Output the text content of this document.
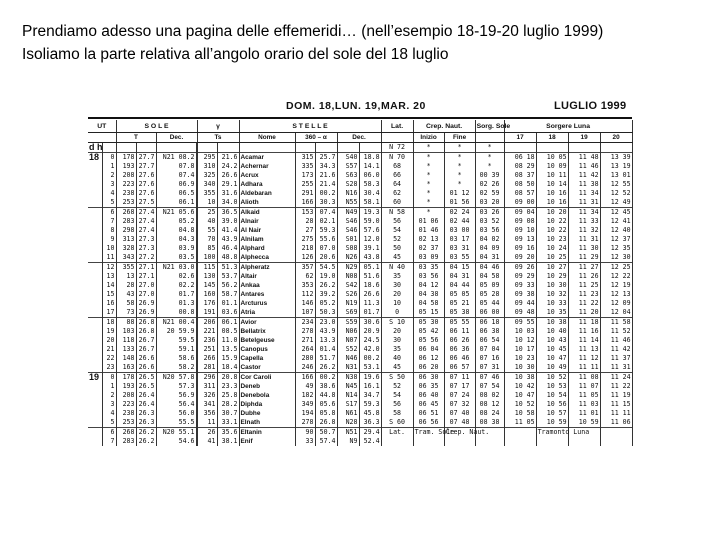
Prendiamo adesso una pagina delle effemeridi… (nell’esempio 18-19-20 luglio 1999)
Isoliamo la parte relativa all’angolo orario del sole del 18 luglio
DOM. 18,LUN. 19,MAR. 20	LUGLIO 1999
UT		S O L E			γ		S T E L L E					Lat.	Crep. Naut.		Sorg. Sole	Sorgere Luna			
		T		Dec.	Ts		Nome	360 – α		Dec.			Inizio	Fine		17	18	19	20
d h													N 72	*	*	*				
18	0	178	27.7	N21 08.2		295	21.6	Acamar	315	25.7	S40	18.8	N 70	*	*	*	06 18	10 05	11 48	13 39
	1	193	27.7	07.8		310	24.2	Achernar	335	34.3	S57	14.1	68	*	*	*	08 29	10 09	11 46	13 19
	2	208	27.6	07.4		325	26.6	Acrux	173	21.6	S63	06.0	66	*	*	00 39	08 37	10 11	11 42	13 01
	3	223	27.6	06.9		340	29.1	Adhara	255	21.4	S28	58.3	64	*	*	02 26	08 50	10 14	11 38	12 55
	4	238	27.6	06.5		355	31.6	Aldebaran	291	00.2	N16	30.4	62	*	01 12	02 59	08 57	10 16	11 34	12 52
	5	253	27.5	06.1		10	34.0	Alioth	166	30.3	N55	58.1	60	*	01 56	03 20	09 00	10 16	11 31	12 49
	6	268	27.4	N21 05.6		25	36.5	Alkaid	153	07.4	N49	19.3	N 58	*	02 24	03 26	09 04	10 20	11 34	12 45
	7	283	27.4	05.2		40	39.0	Alnair	28	02.1	S46	59.0	56	01 06	02 44	03 52	09 08	10 22	11 33	12 41
	8	298	27.4	04.8		55	41.4	Al Nair	27	59.3	S46	57.6	54	01 46	03 00	03 56	09 10	10 22	11 32	12 40
	9	313	27.3	04.3		70	43.9	Alnilam	275	55.6	S01	12.0	52	02 13	03 17	04 02	09 13	10 23	11 31	12 37
	10	328	27.3	03.9		85	46.4	Alphard	218	07.0	S08	39.1	50	02 37	03 31	04 09	09 16	10 24	11 30	12 35
	11	343	27.2	03.5		100	48.8	Alphecca	126	20.6	N26	43.8	45	03 09	03 55	04 31	09 20	10 25	11 29	12 30
	12	355	27.1	N21 03.0		115	51.3	Alpheratz	357	54.5	N29	05.1	N 40	03 35	04 15	04 46	09 26	10 27	11 27	12 25
	13	13	27.1	02.6		130	53.7	Altair	62	19.0	N08	51.6	35	03 56	04 31	04 58	09 29	10 29	11 26	12 22
	14	28	27.0	02.2		145	56.2	Ankaa	353	26.2	S42	18.6	30	04 12	04 44	05 09	09 33	10 30	11 25	12 19
	15	43	27.0	01.7		160	58.7	Antares	112	39.2	S26	26.6	20	04 38	05 05	05 28	09 38	10 32	11 23	12 13
	16	58	26.9	01.3		176	01.1	Arcturus	146	05.2	N19	11.3	10	04 58	05 21	05 44	09 44	10 33	11 22	12 09
	17	73	26.9	00.8		191	03.6	Atria	107	50.3	S69	01.7	0	05 15	05 38	06 00	09 48	10 35	11 20	12 04
	18	88	26.8	N21 00.4		206	06.1	Avior	234	23.0	S59	30.6	S 10	05 30	05 55	06 18	09 55	10 38	11 18	11 58
	19	103	26.8	20 59.9		221	08.5	Bellatrix	278	43.9	N06	20.9	20	05 42	06 11	06 38	10 03	10 40	11 16	11 52
	20	118	26.7	59.5		236	11.0	Betelgeuse	271	13.3	N07	24.5	30	05 56	06 26	06 54	10 12	10 43	11 14	11 46
	21	133	26.7	59.1		251	13.5	Canopus	264	01.4	S52	42.0	35	06 04	06 36	07 04	10 17	10 45	11 13	11 42
	22	148	26.6	58.6		266	15.9	Capella	280	51.7	N46	00.2	40	06 12	06 46	07 16	10 23	10 47	11 12	11 37
	23	163	26.6	58.2		281	18.4	Castor	246	26.2	N31	53.1	45	06 20	06 57	07 31	10 30	10 49	11 11	11 31
19	0	178	26.5	N20 57.8		296	20.8	Cor Caroli	166	00.2	N38	19.6	S 50	06 30	07 11	07 46	10 38	10 52	11 08	11 24
	1	193	26.5	57.3		311	23.3	Deneb	49	38.6	N45	16.1	52	06 35	07 17	07 54	10 42	10 53	11 07	11 22
	2	208	26.4	56.9		326	25.8	Denebola	182	44.8	N14	34.7	54	06 40	07 24	08 02	10 47	10 54	11 05	11 19
	3	223	26.4	56.4		341	28.2	Diphda	349	05.6	S17	59.3	56	06 45	07 32	08 12	10 52	10 56	11 03	11 15
	4	238	26.3	56.0		356	30.7	Dubhe	194	05.8	N61	45.8	58	06 51	07 40	08 24	10 58	10 57	11 01	11 11
	5	253	26.3	55.5		11	33.1	Elnath	278	26.8	N28	36.3	S 60	06 56	07 48	08 38	11 05	10 59	10 59	11 06
	6	268	26.2	N20 55.1		26	35.6	Eltanin	90	50.7	N51	29.4	Lat.	Tram. Sole	Crep. Naut.			Tramonto Luna		
	7	283	26.2	54.6		41	38.1	Enif	33	57.4	N9	52.4								
